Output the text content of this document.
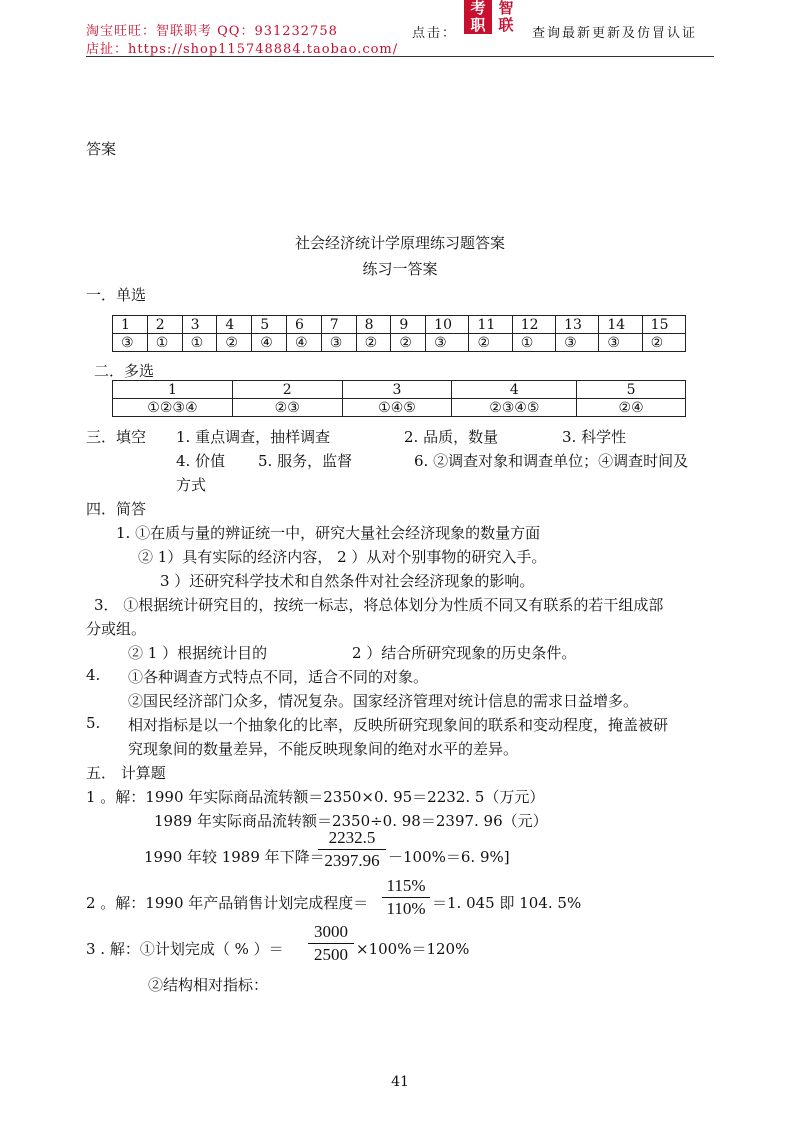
淘宝旺旺：智联职考 QQ：931232758
店扯：https://shop115748884.taobao.com/
点击：
考职
智联	查询最新更新及仿冒认证
答案
社会经济统计学原理练习题答案
练习一答案
一．单选
1	2	3	4	5	6	7	8	9	10	11	12	13	14	15
③	①	①	②	④	④	③	②	②	③	②	①	③	③	②
二．多选
1	2	3	4	5
①②③④	②③	①④⑤	②③④⑤	②④
三．填空 1. 重点调查，抽样调查	2. 品质，数量	3. 科学性
4. 价值 5. 服务，监督	6. ②调查对象和调查单位；④调查时间及
方式
四．简答
1. ①在质与量的辨证统一中，研究大量社会经济现象的数量方面
② 1）具有实际的经济内容， 2 ）从对个别事物的研究入手。
3 ）还研究科学技术和自然条件对社会经济现象的影响。
3． ①根据统计研究目的，按统一标志，将总体划分为性质不同又有联系的若干组成部
分或组。
② 1 ）根据统计目的	2 ）结合所研究现象的历史条件。
4. ①各种调查方式特点不同，适合不同的对象。
②国民经济部门众多，情况复杂。国家经济管理对统计信息的需求日益增多。
5. 相对指标是以一个抽象化的比率，反映所研究现象间的联系和变动程度，掩盖被研
究现象间的数量差异，不能反映现象间的绝对水平的差异。
五． 计算题
1 。解：1990 年实际商品流转额＝2350×0. 95＝2232. 5（万元）
1989 年实际商品流转额＝2350÷0. 98＝2397. 96（元）
1990 年较 1989 年下降＝
2232.5
2397.96 －100%＝6. 9%]
2 。解：1990 年产品销售计划完成程度＝
115%
110% ＝1. 045 即 104. 5%
3 . 解：①计划完成（ % ）＝
3000
2500 ×100%＝120%
②结构相对指标：
41
